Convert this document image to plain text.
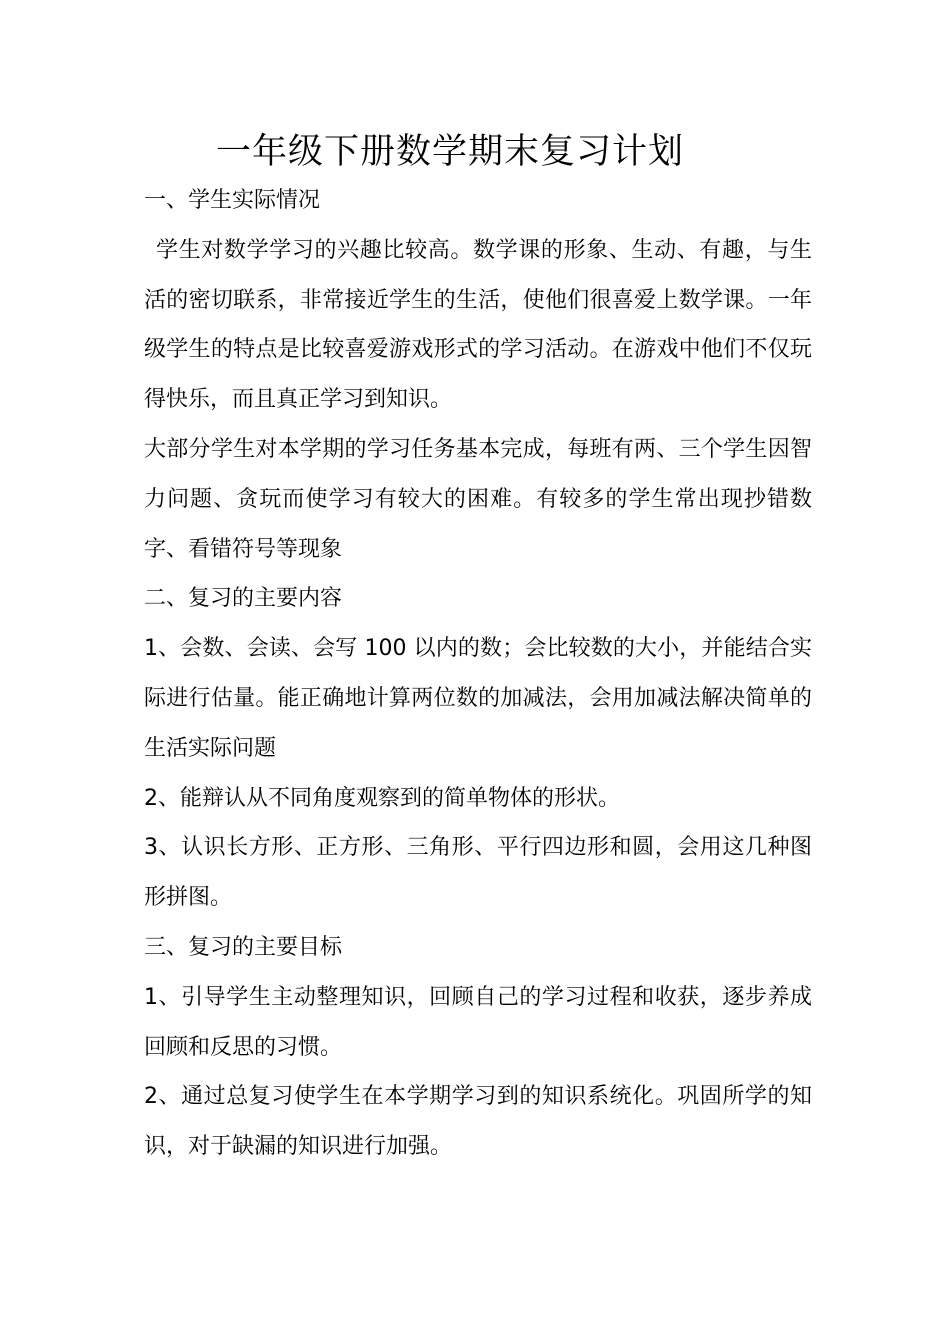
一年级下册数学期末复习计划

一、学生实际情况

学生对数学学习的兴趣比较高。数学课的形象、生动、有趣，与生活的密切联系，非常接近学生的生活，使他们很喜爱上数学课。一年级学生的特点是比较喜爱游戏形式的学习活动。在游戏中他们不仅玩得快乐，而且真正学习到知识。

大部分学生对本学期的学习任务基本完成，每班有两、三个学生因智力问题、贪玩而使学习有较大的困难。有较多的学生常出现抄错数字、看错符号等现象

二、复习的主要内容

1、会数、会读、会写 100 以内的数；会比较数的大小，并能结合实际进行估量。能正确地计算两位数的加减法，会用加减法解决简单的生活实际问题

2、能辩认从不同角度观察到的简单物体的形状。

3、认识长方形、正方形、三角形、平行四边形和圆，会用这几种图形拼图。

三、复习的主要目标

1、引导学生主动整理知识，回顾自己的学习过程和收获，逐步养成回顾和反思的习惯。

2、通过总复习使学生在本学期学习到的知识系统化。巩固所学的知识，对于缺漏的知识进行加强。
